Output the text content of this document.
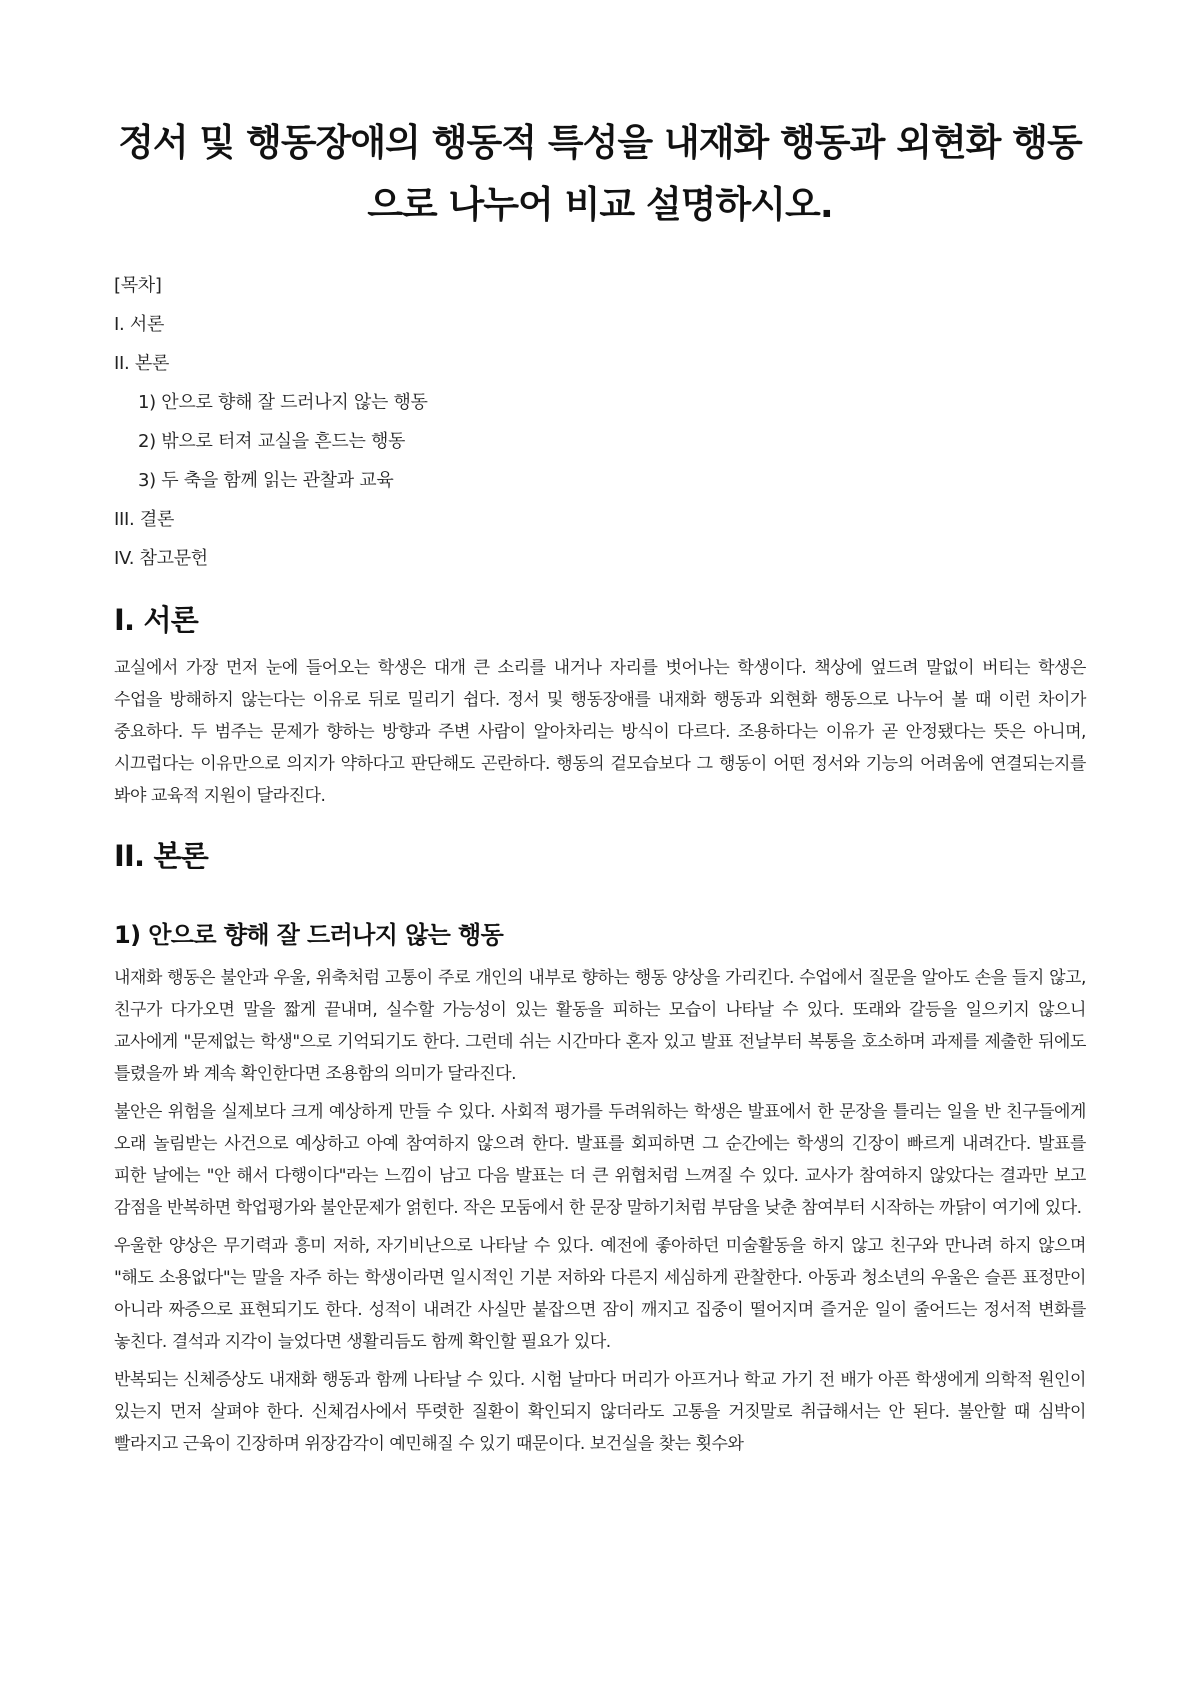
정서 및 행동장애의 행동적 특성을 내재화 행동과 외현화 행동
으로 나누어 비교 설명하시오.
[목차]
I. 서론
II. 본론
1) 안으로 향해 잘 드러나지 않는 행동
2) 밖으로 터져 교실을 흔드는 행동
3) 두 축을 함께 읽는 관찰과 교육
III. 결론
IV. 참고문헌
I. 서론

교실에서 가장 먼저 눈에 들어오는 학생은 대개 큰 소리를 내거나 자리를 벗어나는 학생이다. 책상에 엎드려 말없이 버티는 학생은 수업을 방해하지 않는다는 이유로 뒤로 밀리기 쉽다. 정서 및 행동장애를 내재화 행동과 외현화 행동으로 나누어 볼 때 이런 차이가 중요하다. 두 범주는 문제가 향하는 방향과 주변 사람이 알아차리는 방식이 다르다. 조용하다는 이유가 곧 안정됐다는 뜻은 아니며, 시끄럽다는 이유만으로 의지가 약하다고 판단해도 곤란하다. 행동의 겉모습보다 그 행동이 어떤 정서와 기능의 어려움에 연결되는지를 봐야 교육적 지원이 달라진다.

II. 본론
1) 안으로 향해 잘 드러나지 않는 행동

내재화 행동은 불안과 우울, 위축처럼 고통이 주로 개인의 내부로 향하는 행동 양상을 가리킨다. 수업에서 질문을 알아도 손을 들지 않고, 친구가 다가오면 말을 짧게 끝내며, 실수할 가능성이 있는 활동을 피하는 모습이 나타날 수 있다. 또래와 갈등을 일으키지 않으니 교사에게 "문제없는 학생"으로 기억되기도 한다. 그런데 쉬는 시간마다 혼자 있고 발표 전날부터 복통을 호소하며 과제를 제출한 뒤에도 틀렸을까 봐 계속 확인한다면 조용함의 의미가 달라진다.

불안은 위험을 실제보다 크게 예상하게 만들 수 있다. 사회적 평가를 두려워하는 학생은 발표에서 한 문장을 틀리는 일을 반 친구들에게 오래 놀림받는 사건으로 예상하고 아예 참여하지 않으려 한다. 발표를 회피하면 그 순간에는 학생의 긴장이 빠르게 내려간다. 발표를 피한 날에는 "안 해서 다행이다"라는 느낌이 남고 다음 발표는 더 큰 위협처럼 느껴질 수 있다. 교사가 참여하지 않았다는 결과만 보고 감점을 반복하면 학업평가와 불안문제가 얽힌다. 작은 모둠에서 한 문장 말하기처럼 부담을 낮춘 참여부터 시작하는 까닭이 여기에 있다.

우울한 양상은 무기력과 흥미 저하, 자기비난으로 나타날 수 있다. 예전에 좋아하던 미술활동을 하지 않고 친구와 만나려 하지 않으며 "해도 소용없다"는 말을 자주 하는 학생이라면 일시적인 기분 저하와 다른지 세심하게 관찰한다. 아동과 청소년의 우울은 슬픈 표정만이 아니라 짜증으로 표현되기도 한다. 성적이 내려간 사실만 붙잡으면 잠이 깨지고 집중이 떨어지며 즐거운 일이 줄어드는 정서적 변화를 놓친다. 결석과 지각이 늘었다면 생활리듬도 함께 확인할 필요가 있다.

반복되는 신체증상도 내재화 행동과 함께 나타날 수 있다. 시험 날마다 머리가 아프거나 학교 가기 전 배가 아픈 학생에게 의학적 원인이 있는지 먼저 살펴야 한다. 신체검사에서 뚜렷한 질환이 확인되지 않더라도 고통을 거짓말로 취급해서는 안 된다. 불안할 때 심박이 빨라지고 근육이 긴장하며 위장감각이 예민해질 수 있기 때문이다. 보건실을 찾는 횟수와
